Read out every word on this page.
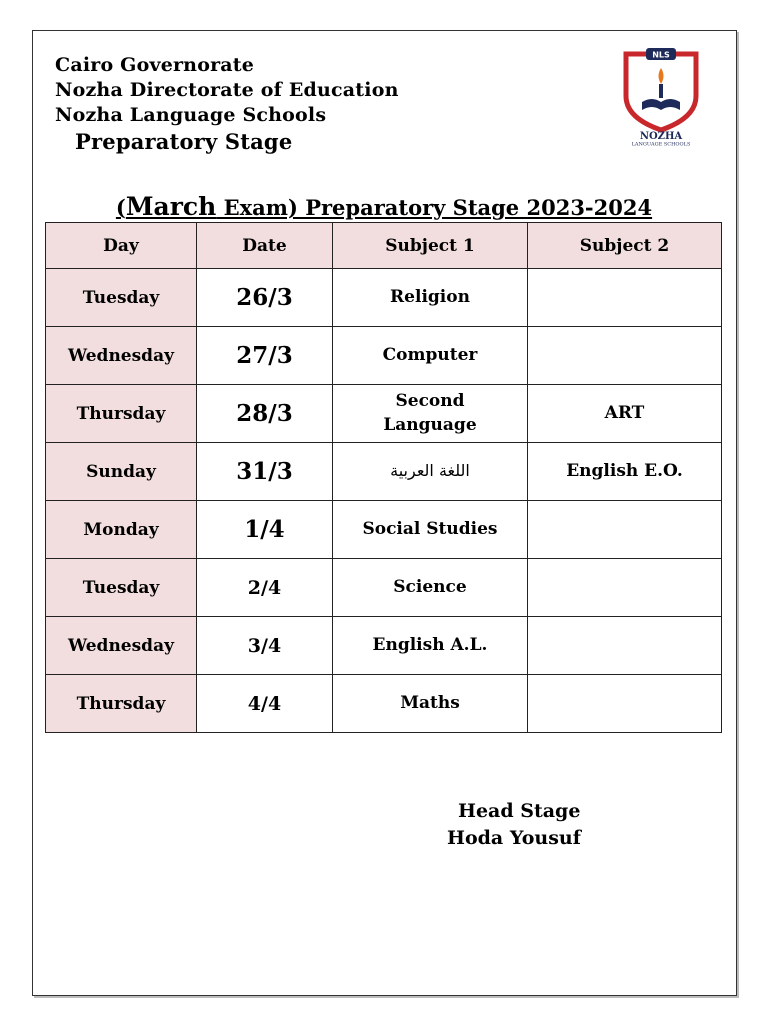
Cairo Governorate
Nozha Directorate of Education
Nozha Language Schools
Preparatory Stage
NLS
NOZHA
LANGUAGE SCHOOLS
(March Exam) Preparatory Stage 2023-2024
Day	Date	Subject 1	Subject 2
Tuesday	26/3	Religion	
Wednesday	27/3	Computer	
Thursday	28/3	Second Language	ART
Sunday	31/3	اللغة العربية	English E.O.
Monday	1/4	Social Studies	
Tuesday	2/4	Science	
Wednesday	3/4	English A.L.	
Thursday	4/4	Maths	
Head Stage
Hoda Yousuf
